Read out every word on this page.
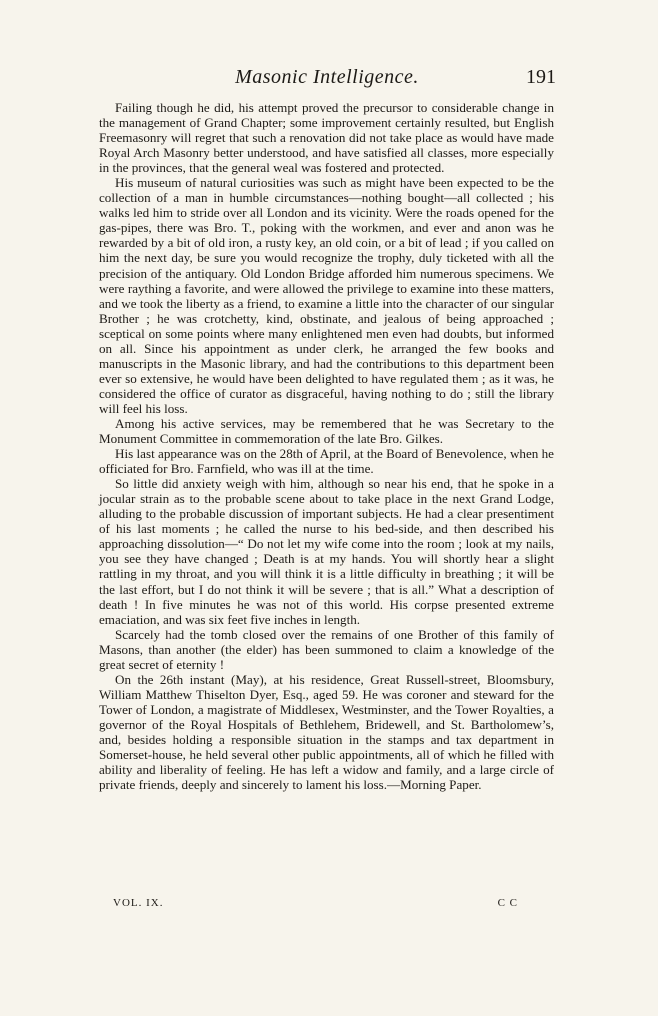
Masonic Intelligence.	191

Failing though he did, his attempt proved the precursor to considerable change in the management of Grand Chapter; some improvement certainly resulted, but English Freemasonry will regret that such a renovation did not take place as would have made Royal Arch Masonry better understood, and have satisfied all classes, more especially in the provinces, that the general weal was fostered and protected.

His museum of natural curiosities was such as might have been expected to be the collection of a man in humble circumstances—nothing bought—all collected ; his walks led him to stride over all London and its vicinity. Were the roads opened for the gas-pipes, there was Bro. T., poking with the workmen, and ever and anon was he rewarded by a bit of old iron, a rusty key, an old coin, or a bit of lead ; if you called on him the next day, be sure you would recognize the trophy, duly ticketed with all the precision of the antiquary. Old London Bridge afforded him numerous specimens. We were raything a favorite, and were allowed the privilege to examine into these matters, and we took the liberty as a friend, to examine a little into the character of our singular Brother ; he was crotchetty, kind, obstinate, and jealous of being approached ; sceptical on some points where many enlightened men even had doubts, but informed on all. Since his appointment as under clerk, he arranged the few books and manuscripts in the Masonic library, and had the contributions to this department been ever so extensive, he would have been delighted to have regulated them ; as it was, he considered the office of curator as disgraceful, having nothing to do ; still the library will feel his loss.

Among his active services, may be remembered that he was Secretary to the Monument Committee in commemoration of the late Bro. Gilkes.

His last appearance was on the 28th of April, at the Board of Benevolence, when he officiated for Bro. Farnfield, who was ill at the time.

So little did anxiety weigh with him, although so near his end, that he spoke in a jocular strain as to the probable scene about to take place in the next Grand Lodge, alluding to the probable discussion of important subjects. He had a clear presentiment of his last moments ; he called the nurse to his bed-side, and then described his approaching dissolution—“ Do not let my wife come into the room ; look at my nails, you see they have changed ; Death is at my hands. You will shortly hear a slight rattling in my throat, and you will think it is a little difficulty in breathing ; it will be the last effort, but I do not think it will be severe ; that is all.” What a description of death ! In five minutes he was not of this world. His corpse presented extreme emaciation, and was six feet five inches in length.

Scarcely had the tomb closed over the remains of one Brother of this family of Masons, than another (the elder) has been summoned to claim a knowledge of the great secret of eternity !

On the 26th instant (May), at his residence, Great Russell-street, Bloomsbury, William Matthew Thiselton Dyer, Esq., aged 59. He was coroner and steward for the Tower of London, a magistrate of Middlesex, Westminster, and the Tower Royalties, a governor of the Royal Hospitals of Bethlehem, Bridewell, and St. Bartholomew’s, and, besides holding a responsible situation in the stamps and tax department in Somerset-house, he held several other public appointments, all of which he filled with ability and liberality of feeling. He has left a widow and family, and a large circle of private friends, deeply and sincerely to lament his loss.—Morning Paper.

VOL. IX.	C C
